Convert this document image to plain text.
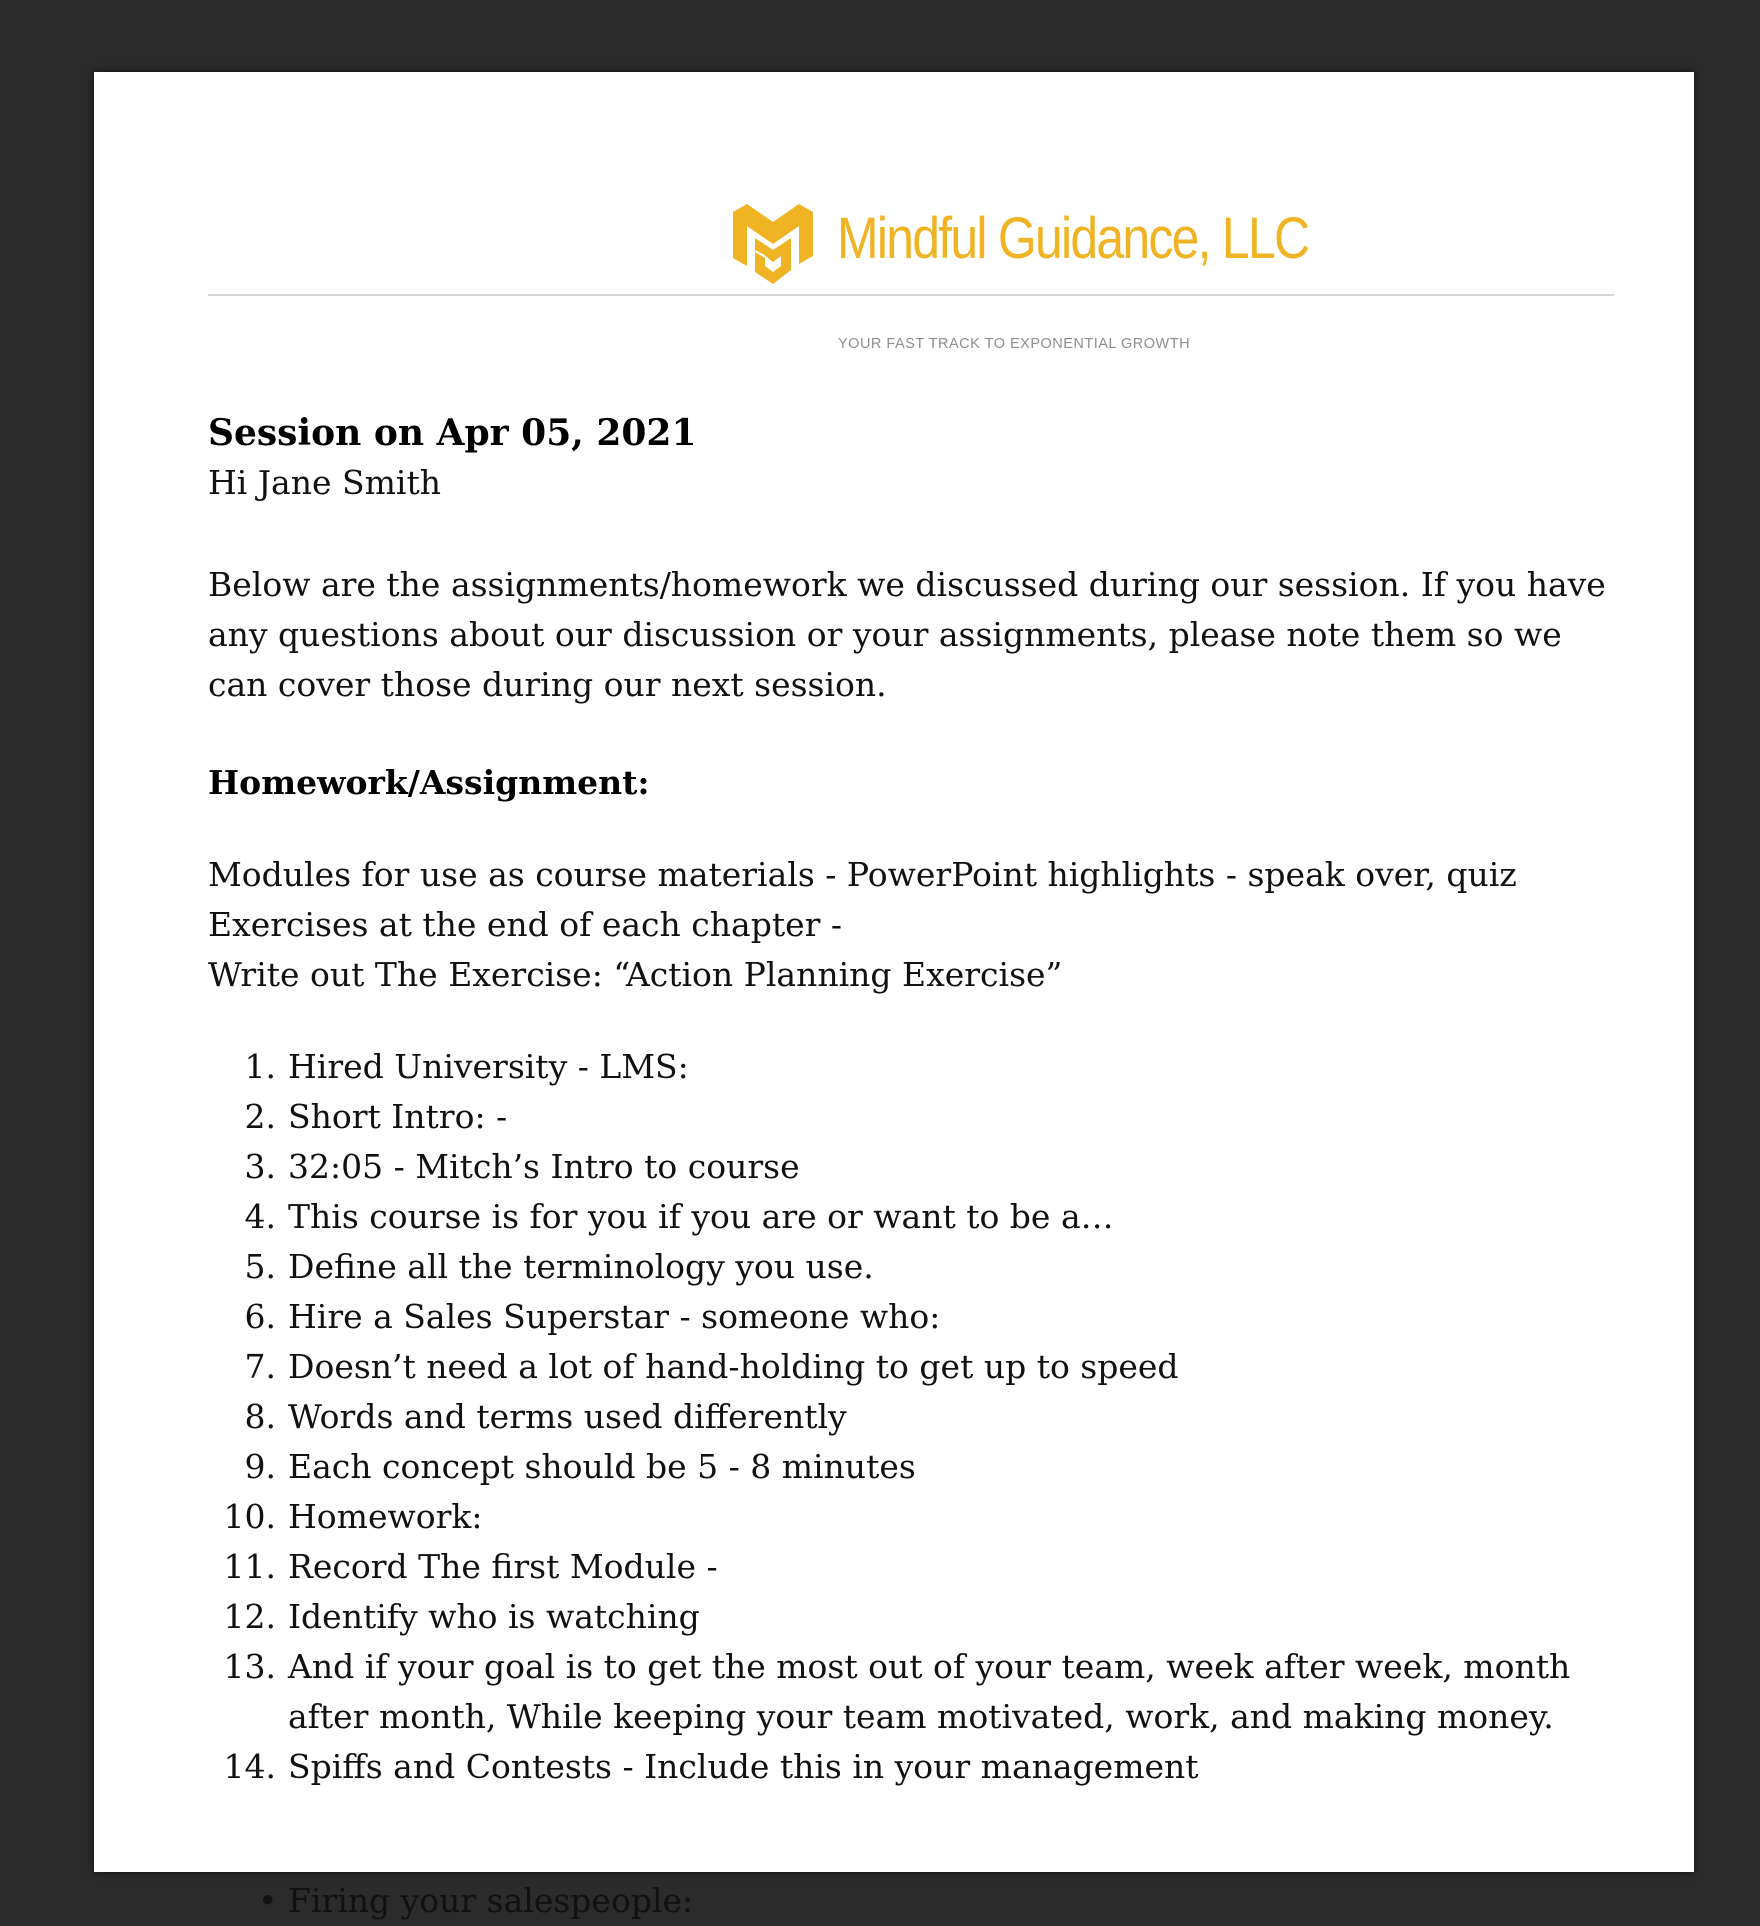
Mindful Guidance, LLC
YOUR FAST TRACK TO EXPONENTIAL GROWTH
Session on Apr 05, 2021
Hi Jane Smith
Below are the assignments/homework we discussed during our session. If you have any questions about our discussion or your assignments, please note them so we can cover those during our next session.
Homework/Assignment:
Modules for use as course materials - PowerPoint highlights - speak over, quiz
Exercises at the end of each chapter -
Write out The Exercise: “Action Planning Exercise”
Hired University - LMS:
Short Intro: -
32:05 - Mitch’s Intro to course
This course is for you if you are or want to be a…
Define all the terminology you use.
Hire a Sales Superstar - someone who:
Doesn’t need a lot of hand-holding to get up to speed
Words and terms used differently
Each concept should be 5 - 8 minutes
Homework:
Record The first Module -
Identify who is watching
And if your goal is to get the most out of your team, week after week, month after month, While keeping your team motivated, work, and making money.
Spiffs and Contests - Include this in your management
• Firing your salespeople:
